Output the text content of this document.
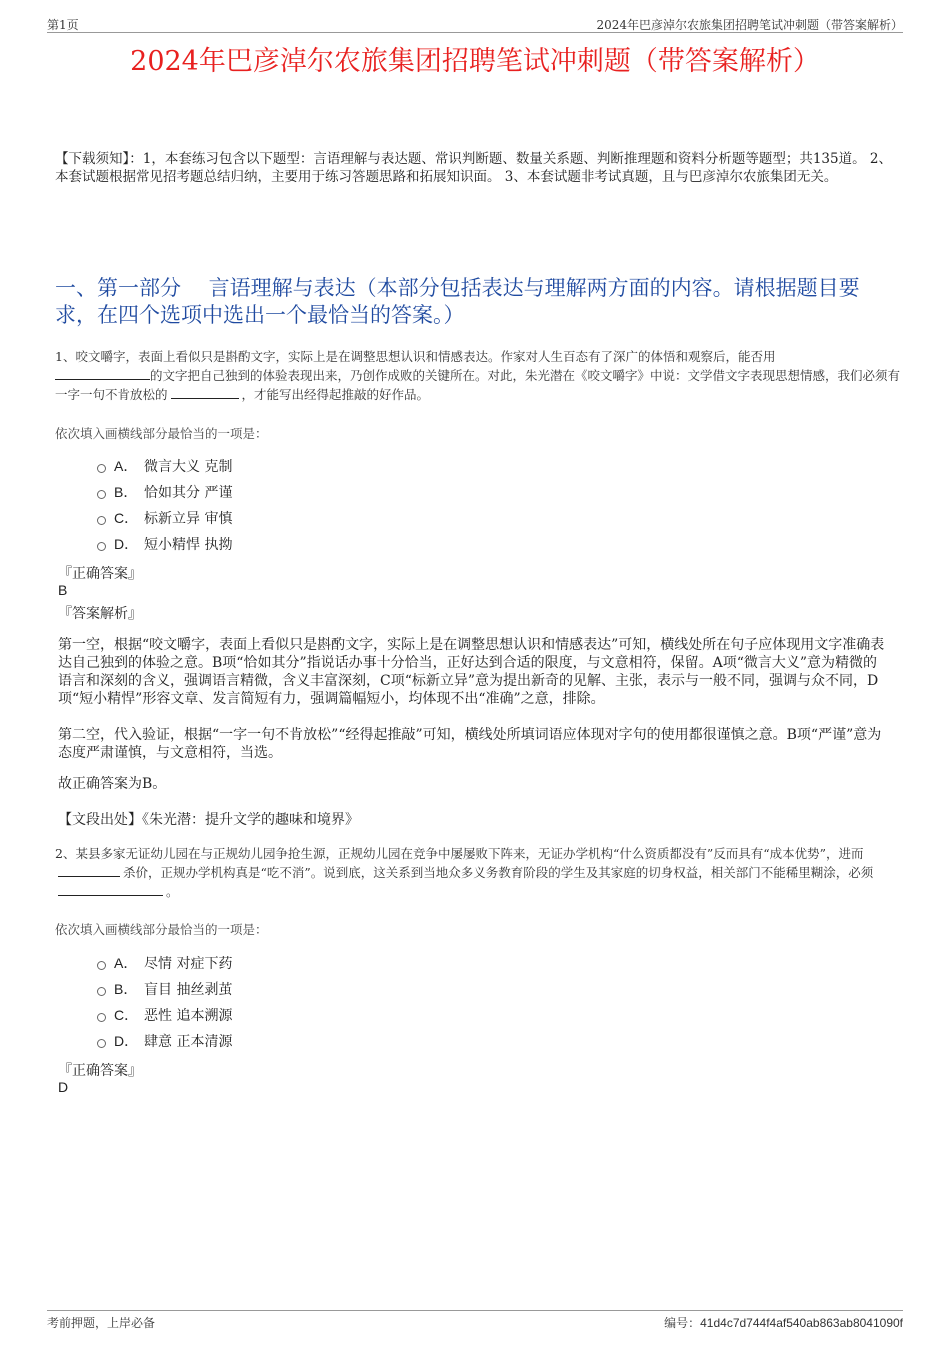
第1页	2024年巴彦淖尔农旅集团招聘笔试冲刺题（带答案解析）
2024年巴彦淖尔农旅集团招聘笔试冲刺题（带答案解析）
【下载须知】：1，本套练习包含以下题型：言语理解与表达题、常识判断题、数量关系题、判断推理题和资料分析题等题型；共135道。 2、本套试题根据常见招考题总结归纳，主要用于练习答题思路和拓展知识面。 3、本套试题非考试真题，且与巴彦淖尔农旅集团无关。
一、第一部分　 言语理解与表达（本部分包括表达与理解两方面的内容。请根据题目要求，在四个选项中选出一个最恰当的答案。）
1、咬文嚼字，表面上看似只是斟酌文字，实际上是在调整思想认识和情感表达。作家对人生百态有了深广的体悟和观察后，能否用
的文字把自己独到的体验表现出来，乃创作成败的关键所在。对此，朱光潜在《咬文嚼字》中说：文学借文字表现思想情感，我们必须有一字一句不肯放松的	，才能写出经得起推敲的好作品。
依次填入画横线部分最恰当的一项是：
A． 微言大义 克制
B． 恰如其分 严谨
C． 标新立异 审慎
D． 短小精悍 执拗
『正确答案』
B
『答案解析』
第一空，根据“咬文嚼字，表面上看似只是斟酌文字，实际上是在调整思想认识和情感表达”可知，横线处所在句子应体现用文字准确表达自己独到的体验之意。B项“恰如其分”指说话办事十分恰当，正好达到合适的限度，与文意相符，保留。A项“微言大义”意为精微的语言和深刻的含义，强调语言精微，含义丰富深刻，C项“标新立异”意为提出新奇的见解、主张，表示与一般不同，强调与众不同，D项“短小精悍”形容文章、发言简短有力，强调篇幅短小，均体现不出“准确”之意，排除。
第二空，代入验证，根据“一字一句不肯放松”“经得起推敲”可知，横线处所填词语应体现对字句的使用都很谨慎之意。B项“严谨”意为态度严肃谨慎，与文意相符，当选。
故正确答案为B。
【文段出处】《朱光潜：提升文学的趣味和境界》
2、某县多家无证幼儿园在与正规幼儿园争抢生源，正规幼儿园在竞争中屡屡败下阵来，无证办学机构“什么资质都没有”反而具有“成本优势”，进而杀价，正规办学机构真是“吃不消”。说到底，这关系到当地众多义务教育阶段的学生及其家庭的切身权益，相关部门不能稀里糊涂，必须。
依次填入画横线部分最恰当的一项是：
A． 尽情 对症下药
B． 盲目 抽丝剥茧
C． 恶性 追本溯源
D． 肆意 正本清源
『正确答案』
D
考前押题，上岸必备	编号：41d4c7d744f4af540ab863ab8041090f
